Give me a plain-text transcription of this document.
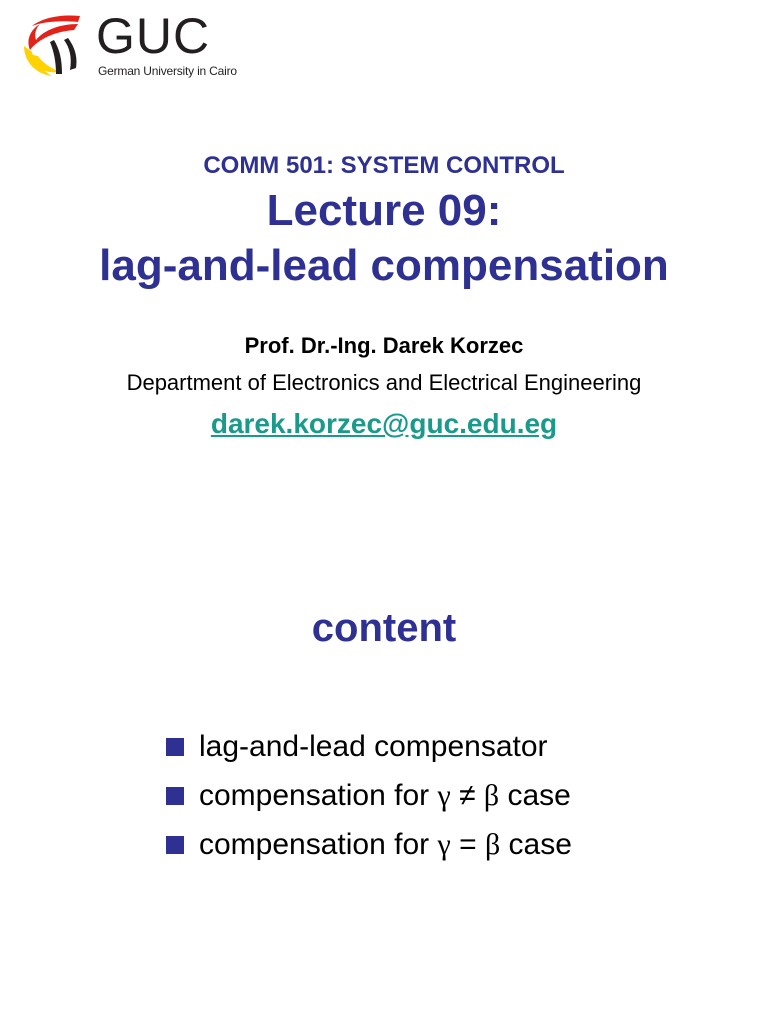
GUC
German University in Cairo
COMM 501: SYSTEM CONTROL
Lecture 09:
lag-and-lead compensation
Prof. Dr.-Ing. Darek Korzec
Department of Electronics and Electrical Engineering
darek.korzec@guc.edu.eg
content
lag-and-lead compensator
compensation for γ ≠ β case
compensation for γ = β case
